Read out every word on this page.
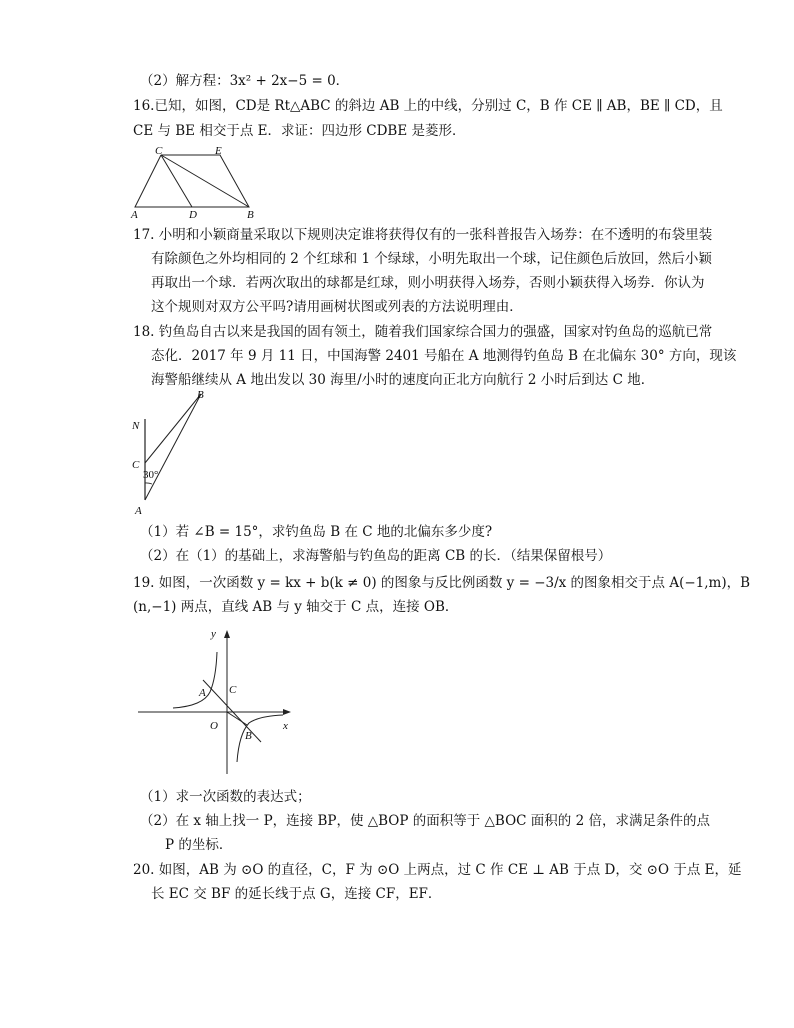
（2）解方程：3x² + 2x−5 = 0．
16.已知，如图，CD是 Rt△ABC 的斜边 AB 上的中线，分别过 C，B 作 CE ∥ AB，BE ∥ CD，且
CE 与 BE 相交于点 E．求证：四边形 CDBE 是菱形．
C	E
A	D	B
17. 小明和小颖商量采取以下规则决定谁将获得仅有的一张科普报告入场券：在不透明的布袋里装
有除颜色之外均相同的 2 个红球和 1 个绿球，小明先取出一个球，记住颜色后放回，然后小颖
再取出一个球．若两次取出的球都是红球，则小明获得入场券，否则小颖获得入场券．你认为
这个规则对双方公平吗?请用画树状图或列表的方法说明理由．
18. 钓鱼岛自古以来是我国的固有领土，随着我们国家综合国力的强盛，国家对钓鱼岛的巡航已常
态化．2017 年 9 月 11 日，中国海警 2401 号船在 A 地测得钓鱼岛 B 在北偏东 30° 方向，现该
海警船继续从 A 地出发以 30 海里/小时的速度向正北方向航行 2 小时后到达 C 地．
B
N
C
30°
A
（1）若 ∠B = 15°，求钓鱼岛 B 在 C 地的北偏东多少度?
（2）在（1）的基础上，求海警船与钓鱼岛的距离 CB 的长．（结果保留根号）
19. 如图，一次函数 y = kx + b(k ≠ 0) 的图象与反比例函数 y = −3/x 的图象相交于点 A(−1,m)，B
(n,−1) 两点，直线 AB 与 y 轴交于 C 点，连接 OB．
y
A C
O
B
x
（1）求一次函数的表达式；
（2）在 x 轴上找一 P，连接 BP，使 △BOP 的面积等于 △BOC 面积的 2 倍，求满足条件的点
P 的坐标．
20. 如图，AB 为 ⊙O 的直径，C，F 为 ⊙O 上两点，过 C 作 CE ⊥ AB 于点 D，交 ⊙O 于点 E，延
长 EC 交 BF 的延长线于点 G，连接 CF，EF．
